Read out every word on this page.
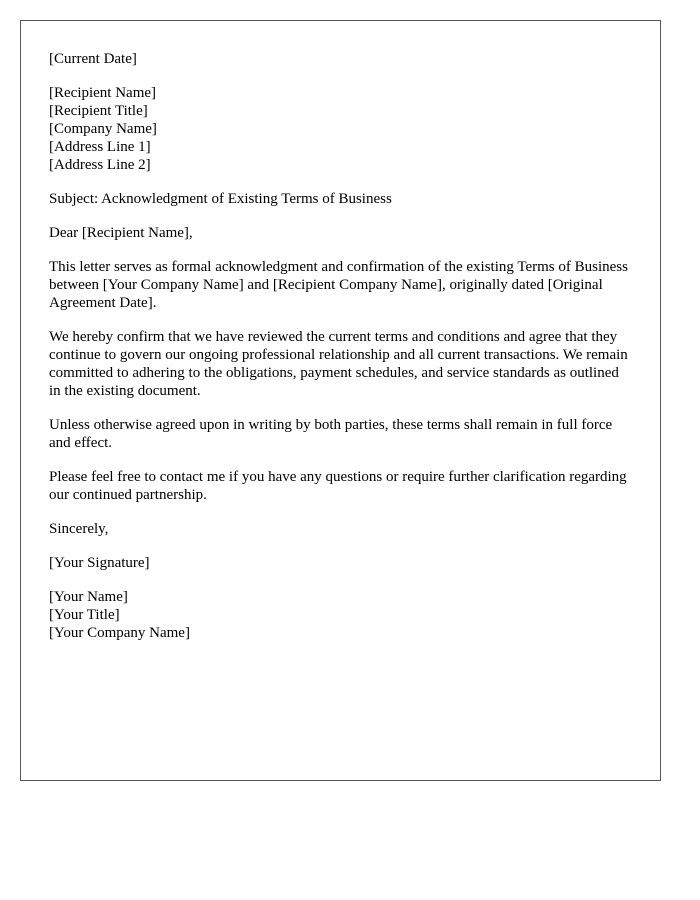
[Current Date]

[Recipient Name]
[Recipient Title]
[Company Name]
[Address Line 1]
[Address Line 2]

Subject: Acknowledgment of Existing Terms of Business

Dear [Recipient Name],

This letter serves as formal acknowledgment and confirmation of the existing Terms of Business between [Your Company Name] and [Recipient Company Name], originally dated [Original Agreement Date].

We hereby confirm that we have reviewed the current terms and conditions and agree that they continue to govern our ongoing professional relationship and all current transactions. We remain committed to adhering to the obligations, payment schedules, and service standards as outlined in the existing document.

Unless otherwise agreed upon in writing by both parties, these terms shall remain in full force and effect.

Please feel free to contact me if you have any questions or require further clarification regarding our continued partnership.

Sincerely,

[Your Signature]

[Your Name]
[Your Title]
[Your Company Name]
